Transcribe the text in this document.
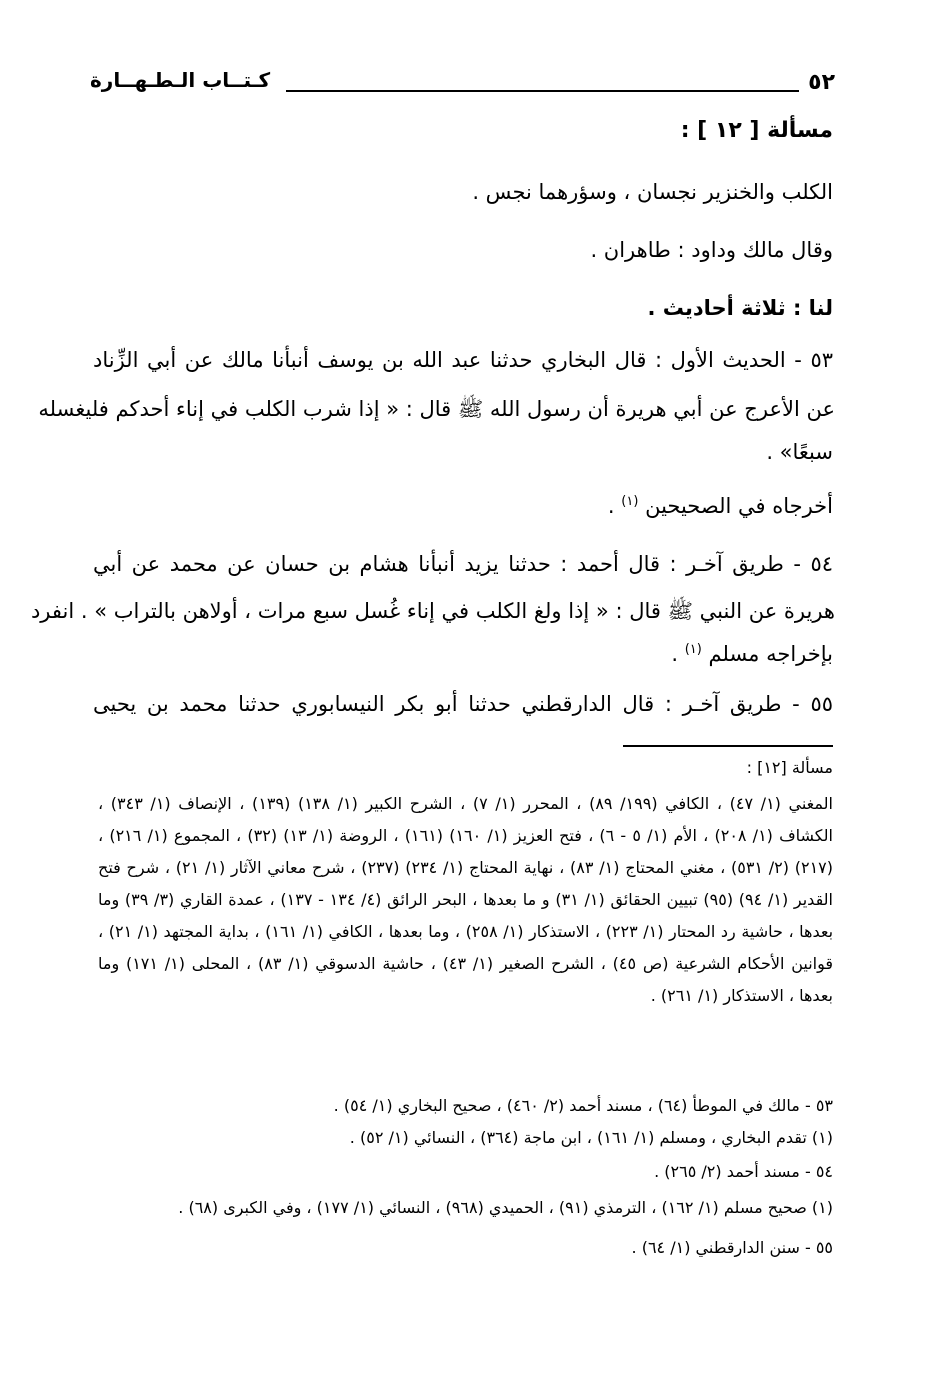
٥٢
كـتــاب الـطـهــارة
مسألة [ ١٢ ] :
الكلب والخنزير نجسان ، وسؤرهما نجس .
وقال مالك وداود : طاهران .
لنا : ثلاثة أحاديث .
٥٣ - الحديث الأول : قال البخاري حدثنا عبد الله بن يوسف أنبأنا مالك عن أبي الزِّناد
عن الأعرج عن أبي هريرة أن رسول الله ﷺ قال : « إذا شرب الكلب في إناء أحدكم فليغسله
سبعًا» .
أخرجاه في الصحيحين $^{(١)}$ .
٥٤ - طريق آخـر : قال أحمد : حدثنا يزيد أنبأنا هشام بن حسان عن محمد عن أبي
هريرة عن النبي ﷺ قال : « إذا ولغ الكلب في إناء غُسل سبع مرات ، أولاهن بالتراب » . انفرد
بإخراجه مسلم $^{(١)}$ .
٥٥ - طريق آخـر : قال الدارقطني حدثنا أبو بكر النيسابوري حدثنا محمد بن يحيى
مسألة [١٢] :
المغني (١/ ٤٧) ، الكافي (١٩٩/ ٨٩) ، المحرر (١/ ٧) ، الشرح الكبير (١/ ١٣٨) (١٣٩) ، الإنصاف (١/ ٣٤٣) ، الكشاف (١/ ٢٠٨) ، الأم (١/ ٥ - ٦) ، فتح العزيز (١/ ١٦٠) (١٦١) ، الروضة (١/ ١٣) (٣٢) ، المجموع (١/ ٢١٦) ، (٢١٧) (٢/ ٥٣١) ، مغني المحتاج (١/ ٨٣) ، نهاية المحتاج (١/ ٢٣٤) (٢٣٧) ، شرح معاني الآثار (١/ ٢١) ، شرح فتح القدير (١/ ٩٤) (٩٥) تبيين الحقائق (١/ ٣١) و ما بعدها ، البحر الرائق (٤/ ١٣٤ - ١٣٧) ، عمدة القاري (٣/ ٣٩) وما بعدها ، حاشية رد المحتار (١/ ٢٢٣) ، الاستذكار (١/ ٢٥٨) ، وما بعدها ، الكافي (١/ ١٦١) ، بداية المجتهد (١/ ٢١) ، قوانين الأحكام الشرعية (ص ٤٥) ، الشرح الصغير (١/ ٤٣) ، حاشية الدسوقي (١/ ٨٣) ، المحلى (١/ ١٧١) وما بعدها ، الاستذكار (١/ ٢٦١) .
٥٣ - مالك في الموطأ (٦٤) ، مسند أحمد (٢/ ٤٦٠) ، صحيح البخاري (١/ ٥٤) .
(١) تقدم البخاري ، ومسلم (١/ ١٦١) ، ابن ماجة (٣٦٤) ، النسائي (١/ ٥٢) .
٥٤ - مسند أحمد (٢/ ٢٦٥) .
(١) صحيح مسلم (١/ ١٦٢) ، الترمذي (٩١) ، الحميدي (٩٦٨) ، النسائي (١/ ١٧٧) ، وفي الكبرى (٦٨) .
٥٥ - سنن الدارقطني (١/ ٦٤) .
